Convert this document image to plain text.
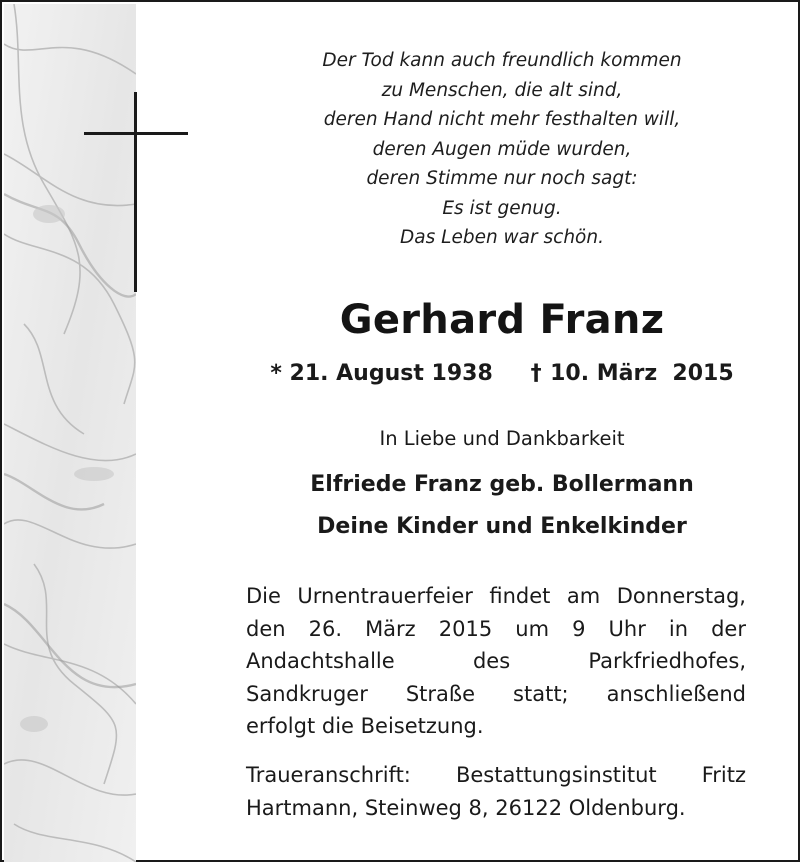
Der Tod kann auch freundlich kommen
zu Menschen, die alt sind,
deren Hand nicht mehr festhalten will,
deren Augen müde wurden,
deren Stimme nur noch sagt:
Es ist genug.
Das Leben war schön.
Gerhard Franz
* 21. August 1938 † 10. März  2015
In Liebe und Dankbarkeit
Elfriede Franz geb. Bollermann
Deine Kinder und Enkelkinder
Die Urnentrauerfeier findet am Donnerstag,
den 26. März 2015 um 9 Uhr in der
Andachtshalle	des	Parkfriedhofes,
Sandkruger Straße statt; anschließend
erfolgt die Beisetzung.
Traueranschrift: Bestattungsinstitut Fritz
Hartmann, Steinweg 8, 26122 Oldenburg.
